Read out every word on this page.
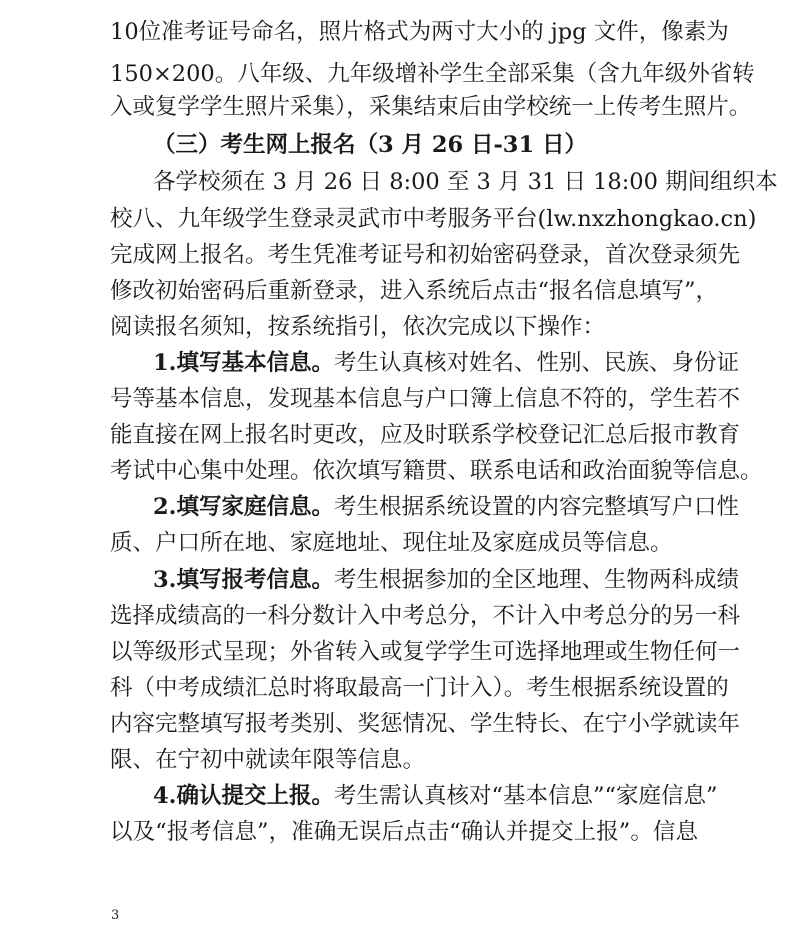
10位准考证号命名，照片格式为两寸大小的 jpg 文件，像素为
150×200。八年级、九年级增补学生全部采集（含九年级外省转
入或复学学生照片采集），采集结束后由学校统一上传考生照片。
（三）考生网上报名（3 月 26 日-31 日）
各学校须在 3 月 26 日 8:00 至 3 月 31 日 18:00 期间组织本
校八、九年级学生登录灵武市中考服务平台(lw.nxzhongkao.cn)
完成网上报名。考生凭准考证号和初始密码登录，首次登录须先
修改初始密码后重新登录，进入系统后点击“报名信息填写”，
阅读报名须知，按系统指引，依次完成以下操作：
1.填写基本信息。考生认真核对姓名、性别、民族、身份证
号等基本信息，发现基本信息与户口簿上信息不符的，学生若不
能直接在网上报名时更改，应及时联系学校登记汇总后报市教育
考试中心集中处理。依次填写籍贯、联系电话和政治面貌等信息。
2.填写家庭信息。考生根据系统设置的内容完整填写户口性
质、户口所在地、家庭地址、现住址及家庭成员等信息。
3.填写报考信息。考生根据参加的全区地理、生物两科成绩
选择成绩高的一科分数计入中考总分，不计入中考总分的另一科
以等级形式呈现；外省转入或复学学生可选择地理或生物任何一
科（中考成绩汇总时将取最高一门计入）。考生根据系统设置的
内容完整填写报考类别、奖惩情况、学生特长、在宁小学就读年
限、在宁初中就读年限等信息。
4.确认提交上报。考生需认真核对“基本信息”“家庭信息”
以及“报考信息”，准确无误后点击“确认并提交上报”。信息
3
